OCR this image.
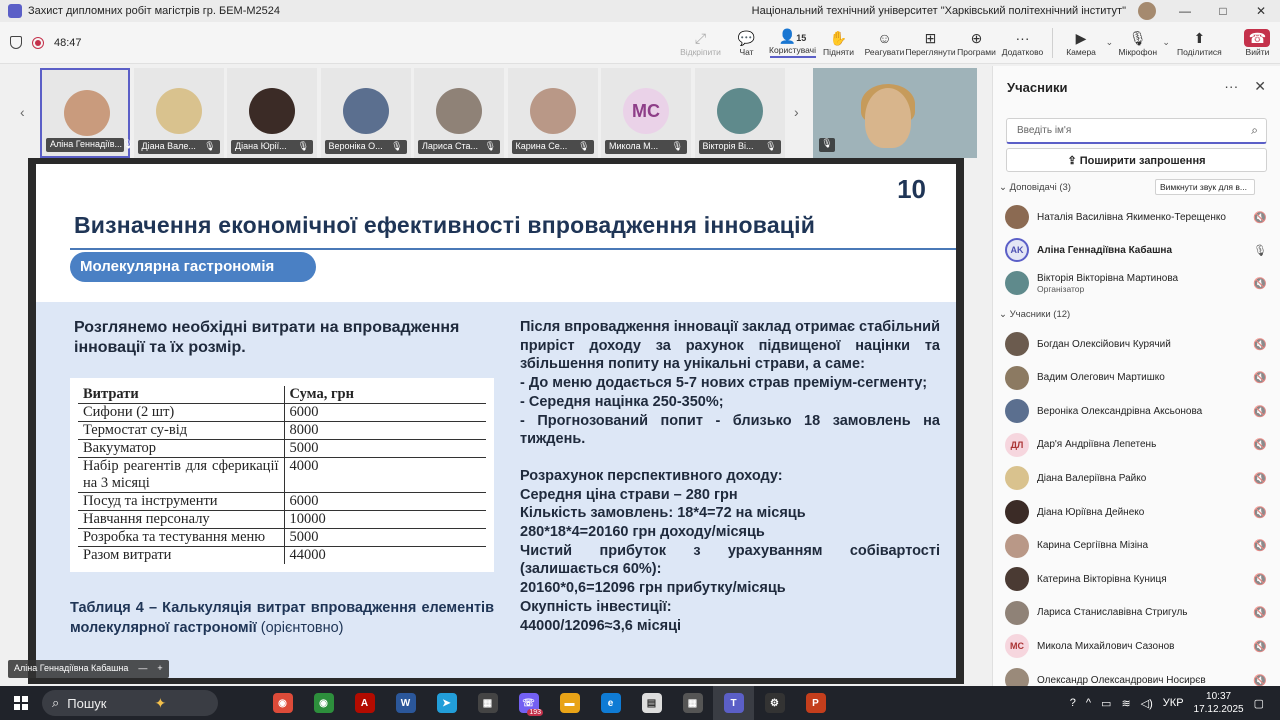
Захист дипломних робіт магістрів гр. БЕМ-М2524	Національний технічний університет "Харківський політехнічний інститут"	—	□	✕
48:47	⤢
Відкріпити
💬
Чат
👤15
Користувачі
✋
Підняти
☺
Реагувати
⊞
Переглянути
⊕
Програми
···
Додатково
▶
Камера
⌄ 🎙
Мікрофон
⌄ ⬆
Поділитися
☎
Вийти
‹
Аліна Геннадіїв... 🎙 Діана Вале... 🎙 Діана Юрії... 🎙 Вероніка О... 🎙 Лариса Ста... 🎙 Карина Се... 🎙
MC
Микола М... 🎙 Вікторія Ві... 🎙
›
🎙
10
Визначення економічної ефективності впровадження інновацій
Молекулярна гастрономія
Розглянемо необхідні витрати на впровадження інновації та їх розмір.
Витрати	Сума, грн
Сифони (2 шт)	6000
Термостат су-від	8000
Вакууматор	5000
Набір реагентів для сферикації на 3 місяці	4000
Посуд та інструменти	6000
Навчання персоналу	10000
Розробка та тестування меню	5000
Разом витрати	44000
Таблиця 4 – Калькуляція витрат впровадження елементів молекулярної гастрономії (орієнтовно)

Після впровадження інновації заклад отримає стабільний приріст доходу за рахунок підвищеної націнки та збільшення попиту на унікальні страви, а саме:

- До меню додається 5-7 нових страв преміум-сегменту;

- Середня націнка 250-350%;

- Прогнозований попит - близько 18 замовлень на тиждень.

Розрахунок перспективного доходу:

Середня ціна страви – 280 грн

Кількість замовлень: 18*4=72 на місяць

280*18*4=20160 грн доходу/місяць

Чистий прибуток з урахуванням собівартості (залишається 60%):

20160*0,6=12096 грн прибутку/місяць

Окупність інвестиції:

44000/12096≈3,6 місяці

Аліна Геннадіївна Кабашна — +
Учасники	··· ✕
Введіть ім'я	⌕
⇪ Поширити запрошення
⌄ Доповідачі (3)	Вимкнути звук для в...
Наталія Василівна Якименко-Терещенко	🔇
AK	Аліна Геннадіївна Кабашна	🎙
Вікторія Вікторівна Мартинова
Організатор	🔇
⌄ Учасники (12)
Богдан Олексійович Курячий	🔇
Вадим Олегович Мартишко	🔇
Вероніка Олександрівна Аксьонова	🔇
ДЛ	Дар'я Андріївна Лепетень	🔇
Діана Валеріївна Райко	🔇
Діана Юріївна Дейнеко	🔇
Карина Сергіївна Мізіна	🔇
Катерина Вікторівна Куниця	🔇
Лариса Станиславівна Стригуль	🔇
MC	Микола Михайлович Сазонов	🔇
Олександр Олександрович Носирєв	🔇
⌕ Пошук	✦	◉	◉	A	W	➤	▦	☏
193
▬	e	▤	▦	T	⚙	P	? ^ ▭ ≋ ◁) УКР
10:37
17.12.2025 ▢
